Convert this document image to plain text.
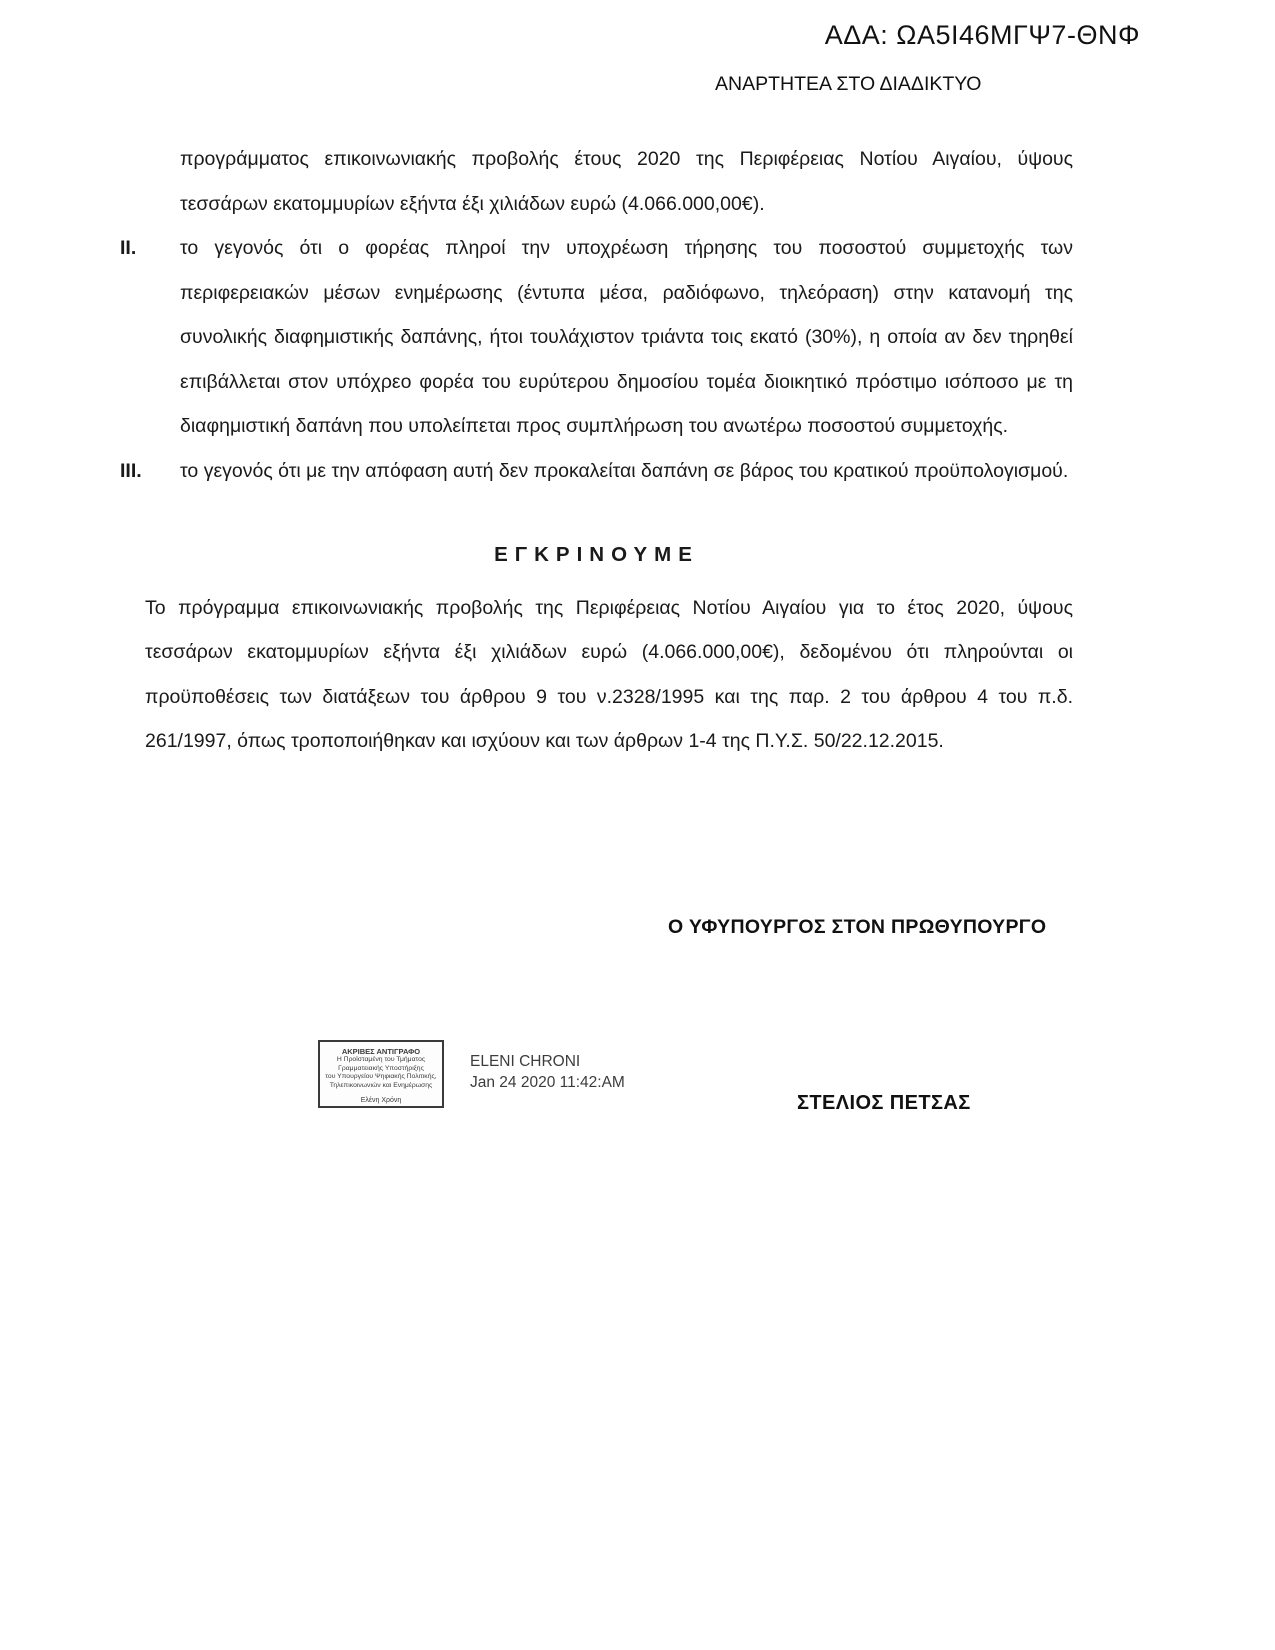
ΑΔΑ: ΩΑ5Ι46ΜΓΨ7-ΘΝΦ
ΑΝΑΡΤΗΤΕΑ ΣΤΟ ΔΙΑΔΙΚΤΥΟ

προγράμματος επικοινωνιακής προβολής έτους 2020 της Περιφέρειας Νοτίου Αιγαίου, ύψους τεσσάρων εκατομμυρίων εξήντα έξι χιλιάδων ευρώ (4.066.000,00€).

II.	το γεγονός ότι ο φορέας πληροί την υποχρέωση τήρησης του ποσοστού συμμετοχής των περιφερειακών μέσων ενημέρωσης (έντυπα μέσα, ραδιόφωνο, τηλεόραση) στην κατανομή της συνολικής διαφημιστικής δαπάνης, ήτοι τουλάχιστον τριάντα τοις εκατό (30%), η οποία αν δεν τηρηθεί επιβάλλεται στον υπόχρεο φορέα του ευρύτερου δημοσίου τομέα διοικητικό πρόστιμο ισόποσο με τη διαφημιστική δαπάνη που υπολείπεται προς συμπλήρωση του ανωτέρω ποσοστού συμμετοχής.
III.	το γεγονός ότι με την απόφαση αυτή δεν προκαλείται δαπάνη σε βάρος του κρατικού προϋπολογισμού.
ΕΓΚΡΙΝΟΥΜΕ

Το πρόγραμμα επικοινωνιακής προβολής της Περιφέρειας Νοτίου Αιγαίου για το έτος 2020, ύψους τεσσάρων εκατομμυρίων εξήντα έξι χιλιάδων ευρώ (4.066.000,00€), δεδομένου ότι πληρούνται οι προϋποθέσεις των διατάξεων του άρθρου 9 του ν.2328/1995 και της παρ. 2 του άρθρου 4 του π.δ. 261/1997, όπως τροποποιήθηκαν και ισχύουν και των άρθρων 1-4 της Π.Υ.Σ. 50/22.12.2015.

Ο ΥΦΥΠΟΥΡΓΟΣ ΣΤΟΝ ΠΡΩΘΥΠΟΥΡΓΟ
ΑΚΡΙΒΕΣ ΑΝΤΙΓΡΑΦΟ
Η Προϊσταμένη του Τμήματος
Γραμματειακής Υποστήριξης
του Υπουργείου Ψηφιακής Πολιτικής,
Τηλεπικοινωνιών και Ενημέρωσης
Ελένη Χρόνη
ELENI CHRONI
Jan 24 2020 11:42:AM
ΣΤΕΛΙΟΣ ΠΕΤΣΑΣ
